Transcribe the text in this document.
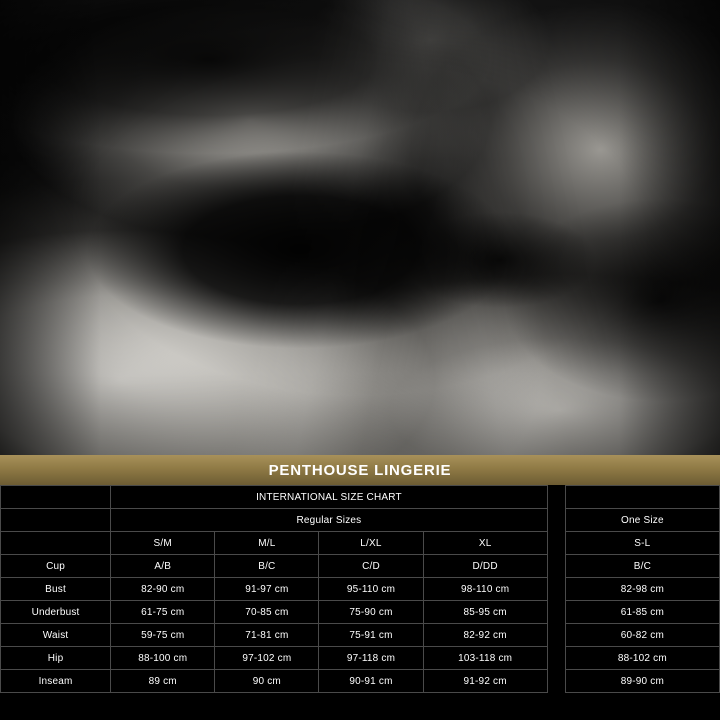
PENTHOUSE LINGERIE
	INTERNATIONAL SIZE CHART					
	Regular Sizes					One Size
	S/M	M/L	L/XL	XL		S-L
Cup	A/B	B/C	C/D	D/DD		B/C
Bust	82-90 cm	91-97 cm	95-110 cm	98-110 cm		82-98 cm
Underbust	61-75 cm	70-85 cm	75-90 cm	85-95 cm		61-85 cm
Waist	59-75 cm	71-81 cm	75-91 cm	82-92 cm		60-82 cm
Hip	88-100 cm	97-102 cm	97-118 cm	103-118 cm		88-102 cm
Inseam	89 cm	90 cm	90-91 cm	91-92 cm		89-90 cm
